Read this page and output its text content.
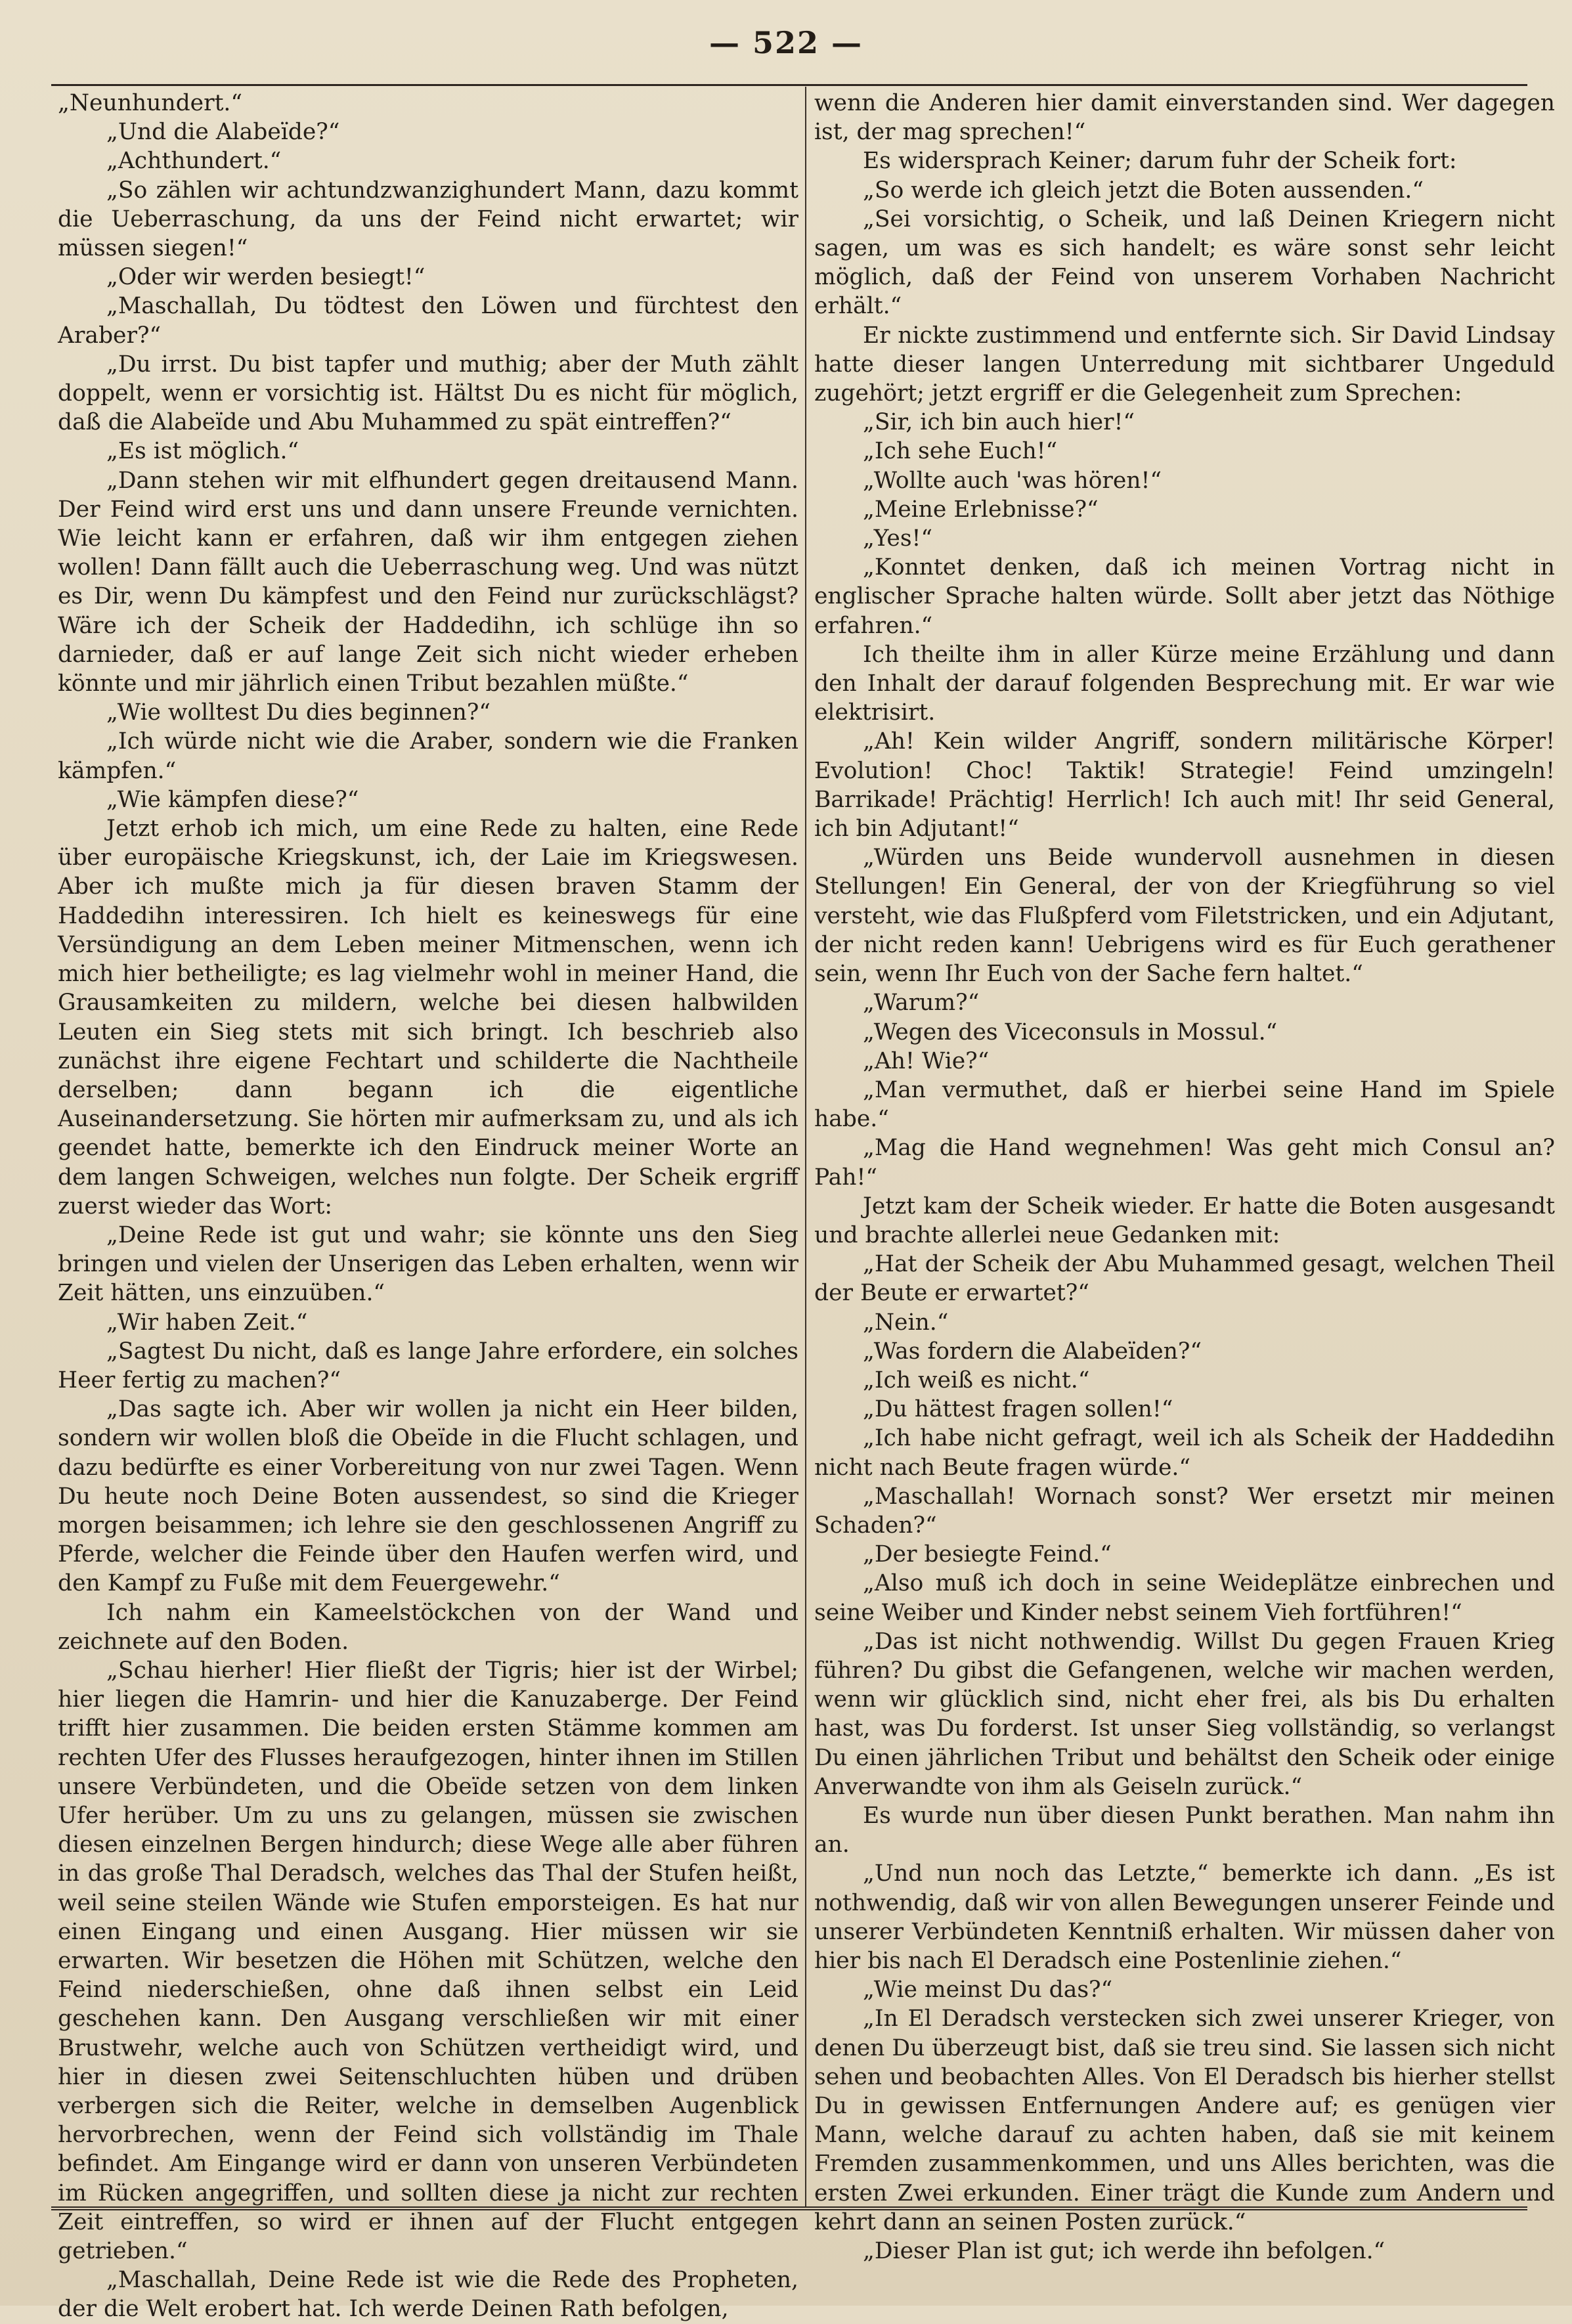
— 522 —

„Neunhundert.“

„Und die Alabeïde?“

„Achthundert.“

„So zählen wir achtundzwanzighundert Mann, dazu kommt die Ueberraschung, da uns der Feind nicht erwartet; wir müssen siegen!“

„Oder wir werden besiegt!“

„Maschallah, Du tödtest den Löwen und fürchtest den Araber?“

„Du irrst. Du bist tapfer und muthig; aber der Muth zählt doppelt, wenn er vorsichtig ist. Hältst Du es nicht für möglich, daß die Alabeïde und Abu Muhammed zu spät eintreffen?“

„Es ist möglich.“

„Dann stehen wir mit elfhundert gegen dreitausend Mann. Der Feind wird erst uns und dann unsere Freunde vernichten. Wie leicht kann er erfahren, daß wir ihm entgegen ziehen wollen! Dann fällt auch die Ueberraschung weg. Und was nützt es Dir, wenn Du kämpfest und den Feind nur zurückschlägst? Wäre ich der Scheik der Haddedihn, ich schlüge ihn so darnieder, daß er auf lange Zeit sich nicht wieder erheben könnte und mir jährlich einen Tribut bezahlen müßte.“

„Wie wolltest Du dies beginnen?“

„Ich würde nicht wie die Araber, sondern wie die Franken kämpfen.“

„Wie kämpfen diese?“

Jetzt erhob ich mich, um eine Rede zu halten, eine Rede über europäische Kriegskunst, ich, der Laie im Kriegswesen. Aber ich mußte mich ja für diesen braven Stamm der Haddedihn interessiren. Ich hielt es keineswegs für eine Versündigung an dem Leben meiner Mitmenschen, wenn ich mich hier betheiligte; es lag vielmehr wohl in meiner Hand, die Grausamkeiten zu mildern, welche bei diesen halbwilden Leuten ein Sieg stets mit sich bringt. Ich beschrieb also zunächst ihre eigene Fechtart und schilderte die Nachtheile derselben; dann begann ich die eigentliche Auseinandersetzung. Sie hörten mir aufmerksam zu, und als ich geendet hatte, bemerkte ich den Eindruck meiner Worte an dem langen Schweigen, welches nun folgte. Der Scheik ergriff zuerst wieder das Wort:

„Deine Rede ist gut und wahr; sie könnte uns den Sieg bringen und vielen der Unserigen das Leben erhalten, wenn wir Zeit hätten, uns einzuüben.“

„Wir haben Zeit.“

„Sagtest Du nicht, daß es lange Jahre erfordere, ein solches Heer fertig zu machen?“

„Das sagte ich. Aber wir wollen ja nicht ein Heer bilden, sondern wir wollen bloß die Obeïde in die Flucht schlagen, und dazu bedürfte es einer Vorbereitung von nur zwei Tagen. Wenn Du heute noch Deine Boten aussendest, so sind die Krieger morgen beisammen; ich lehre sie den geschlossenen Angriff zu Pferde, welcher die Feinde über den Haufen werfen wird, und den Kampf zu Fuße mit dem Feuergewehr.“

Ich nahm ein Kameelstöckchen von der Wand und zeichnete auf den Boden.

„Schau hierher! Hier fließt der Tigris; hier ist der Wirbel; hier liegen die Hamrin- und hier die Kanuzaberge. Der Feind trifft hier zusammen. Die beiden ersten Stämme kommen am rechten Ufer des Flusses heraufgezogen, hinter ihnen im Stillen unsere Verbündeten, und die Obeïde setzen von dem linken Ufer herüber. Um zu uns zu gelangen, müssen sie zwischen diesen einzelnen Bergen hindurch; diese Wege alle aber führen in das große Thal Deradsch, welches das Thal der Stufen heißt, weil seine steilen Wände wie Stufen emporsteigen. Es hat nur einen Eingang und einen Ausgang. Hier müssen wir sie erwarten. Wir besetzen die Höhen mit Schützen, welche den Feind niederschießen, ohne daß ihnen selbst ein Leid geschehen kann. Den Ausgang verschließen wir mit einer Brustwehr, welche auch von Schützen vertheidigt wird, und hier in diesen zwei Seitenschluchten hüben und drüben verbergen sich die Reiter, welche in demselben Augenblick hervorbrechen, wenn der Feind sich vollständig im Thale befindet. Am Eingange wird er dann von unseren Verbündeten im Rücken angegriffen, und sollten diese ja nicht zur rechten Zeit eintreffen, so wird er ihnen auf der Flucht entgegen getrieben.“

„Maschallah, Deine Rede ist wie die Rede des Propheten, der die Welt erobert hat. Ich werde Deinen Rath befolgen,

wenn die Anderen hier damit einverstanden sind. Wer dagegen ist, der mag sprechen!“

Es widersprach Keiner; darum fuhr der Scheik fort:

„So werde ich gleich jetzt die Boten aussenden.“

„Sei vorsichtig, o Scheik, und laß Deinen Kriegern nicht sagen, um was es sich handelt; es wäre sonst sehr leicht möglich, daß der Feind von unserem Vorhaben Nachricht erhält.“

Er nickte zustimmend und entfernte sich. Sir David Lindsay hatte dieser langen Unterredung mit sichtbarer Ungeduld zugehört; jetzt ergriff er die Gelegenheit zum Sprechen:

„Sir, ich bin auch hier!“

„Ich sehe Euch!“

„Wollte auch 'was hören!“

„Meine Erlebnisse?“

„Yes!“

„Konntet denken, daß ich meinen Vortrag nicht in englischer Sprache halten würde. Sollt aber jetzt das Nöthige erfahren.“

Ich theilte ihm in aller Kürze meine Erzählung und dann den Inhalt der darauf folgenden Besprechung mit. Er war wie elektrisirt.

„Ah! Kein wilder Angriff, sondern militärische Körper! Evolution! Choc! Taktik! Strategie! Feind umzingeln! Barrikade! Prächtig! Herrlich! Ich auch mit! Ihr seid General, ich bin Adjutant!“

„Würden uns Beide wundervoll ausnehmen in diesen Stellungen! Ein General, der von der Kriegführung so viel versteht, wie das Flußpferd vom Filetstricken, und ein Adjutant, der nicht reden kann! Uebrigens wird es für Euch gerathener sein, wenn Ihr Euch von der Sache fern haltet.“

„Warum?“

„Wegen des Viceconsuls in Mossul.“

„Ah! Wie?“

„Man vermuthet, daß er hierbei seine Hand im Spiele habe.“

„Mag die Hand wegnehmen! Was geht mich Consul an? Pah!“

Jetzt kam der Scheik wieder. Er hatte die Boten ausgesandt und brachte allerlei neue Gedanken mit:

„Hat der Scheik der Abu Muhammed gesagt, welchen Theil der Beute er erwartet?“

„Nein.“

„Was fordern die Alabeïden?“

„Ich weiß es nicht.“

„Du hättest fragen sollen!“

„Ich habe nicht gefragt, weil ich als Scheik der Haddedihn nicht nach Beute fragen würde.“

„Maschallah! Wornach sonst? Wer ersetzt mir meinen Schaden?“

„Der besiegte Feind.“

„Also muß ich doch in seine Weideplätze einbrechen und seine Weiber und Kinder nebst seinem Vieh fortführen!“

„Das ist nicht nothwendig. Willst Du gegen Frauen Krieg führen? Du gibst die Gefangenen, welche wir machen werden, wenn wir glücklich sind, nicht eher frei, als bis Du erhalten hast, was Du forderst. Ist unser Sieg vollständig, so verlangst Du einen jährlichen Tribut und behältst den Scheik oder einige Anverwandte von ihm als Geiseln zurück.“

Es wurde nun über diesen Punkt berathen. Man nahm ihn an.

„Und nun noch das Letzte,“ bemerkte ich dann. „Es ist nothwendig, daß wir von allen Bewegungen unserer Feinde und unserer Verbündeten Kenntniß erhalten. Wir müssen daher von hier bis nach El Deradsch eine Postenlinie ziehen.“

„Wie meinst Du das?“

„In El Deradsch verstecken sich zwei unserer Krieger, von denen Du überzeugt bist, daß sie treu sind. Sie lassen sich nicht sehen und beobachten Alles. Von El Deradsch bis hierher stellst Du in gewissen Entfernungen Andere auf; es genügen vier Mann, welche darauf zu achten haben, daß sie mit keinem Fremden zusammenkommen, und uns Alles berichten, was die ersten Zwei erkunden. Einer trägt die Kunde zum Andern und kehrt dann an seinen Posten zurück.“

„Dieser Plan ist gut; ich werde ihn befolgen.“
